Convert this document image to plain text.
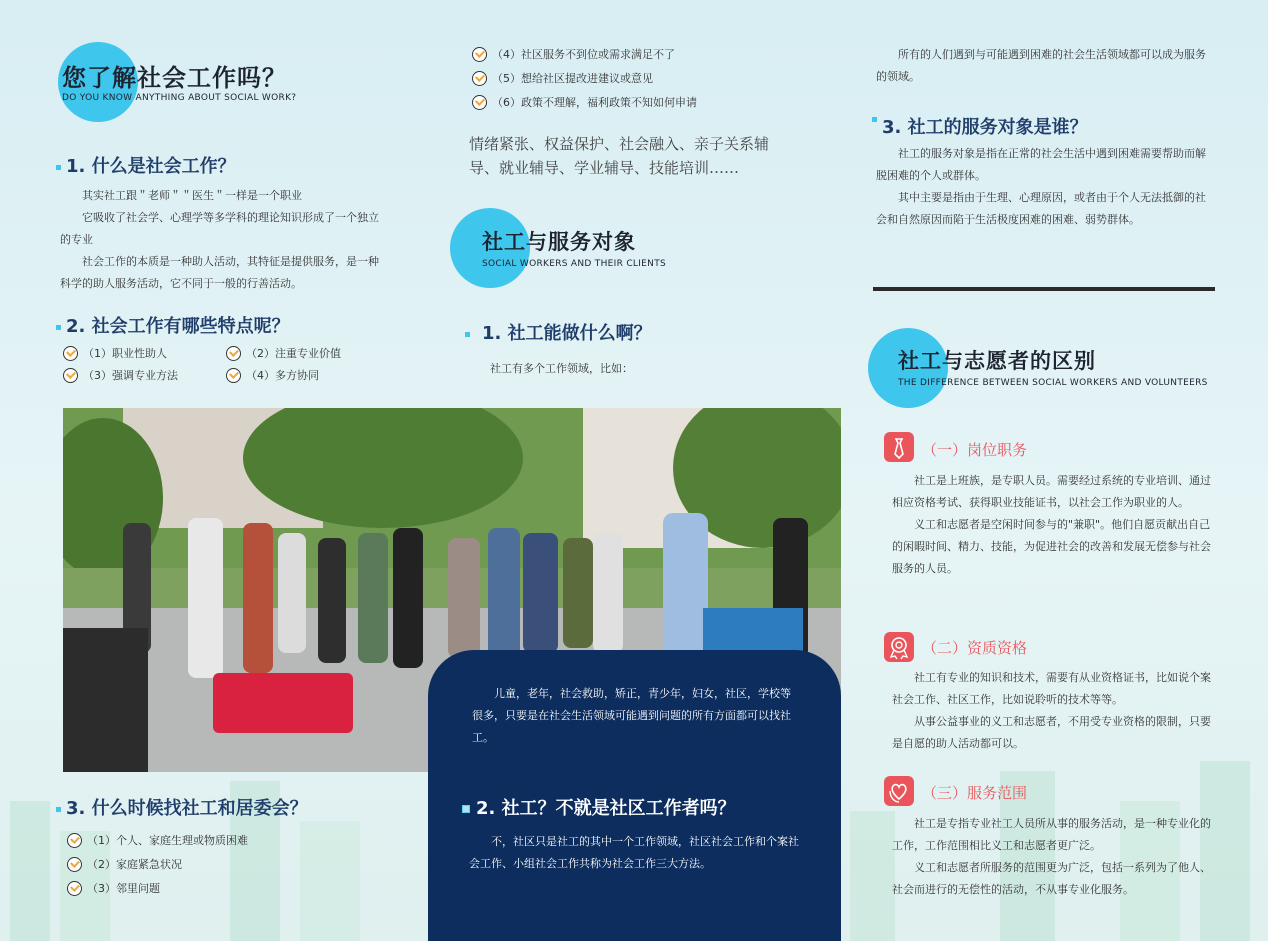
您了解社会工作吗？
DO YOU KNOW ANYTHING ABOUT SOCIAL WORK?
1. 什么是社会工作？

其实社工跟＂老师＂＂医生＂一样是一个职业

它吸收了社会学、心理学等多学科的理论知识形成了一个独立的专业

社会工作的本质是一种助人活动，其特征是提供服务，是一种科学的助人服务活动，它不同于一般的行善活动。

2. 社会工作有哪些特点呢？
（1）职业性助人	（2）注重专业价值
（3）强调专业方法	（4）多方协同
3. 什么时候找社工和居委会？
（1）个人、家庭生理或物质困难
（2）家庭紧急状况
（3）邻里问题
（4）社区服务不到位或需求满足不了
（5）想给社区提改进建议或意见
（6）政策不理解，福利政策不知如何申请
情绪紧张、权益保护、社会融入、亲子关系辅导、就业辅导、学业辅导、技能培训……
社工与服务对象
SOCIAL WORKERS AND THEIR CLIENTS
1. 社工能做什么啊？
社工有多个工作领域，比如：
儿童，老年，社会救助，矫正，青少年，妇女，社区，学校等很多，只要是在社会生活领域可能遇到问题的所有方面都可以找社工。
2. 社工？不就是社区工作者吗？
不，社区只是社工的其中一个工作领域，社区社会工作和个案社会工作、小组社会工作共称为社会工作三大方法。
所有的人们遇到与可能遇到困难的社会生活领域都可以成为服务的领域。
3. 社工的服务对象是谁？

社工的服务对象是指在正常的社会生活中遇到困难需要帮助而解脱困难的个人或群体。

其中主要是指由于生理、心理原因，或者由于个人无法抵御的社会和自然原因而陷于生活极度困难的困难、弱势群体。

社工与志愿者的区别
THE DIFFERENCE BETWEEN SOCIAL WORKERS AND VOLUNTEERS
（一）岗位职务

社工是上班族，是专职人员。需要经过系统的专业培训、通过相应资格考试、获得职业技能证书，以社会工作为职业的人。

义工和志愿者是空闲时间参与的"兼职"。他们自愿贡献出自己的闲暇时间、精力、技能，为促进社会的改善和发展无偿参与社会服务的人员。

（二）资质资格

社工有专业的知识和技术，需要有从业资格证书，比如说个案社会工作、社区工作，比如说聆听的技术等等。

从事公益事业的义工和志愿者，不用受专业资格的限制，只要是自愿的助人活动都可以。

（三）服务范围

社工是专指专业社工人员所从事的服务活动，是一种专业化的工作，工作范围相比义工和志愿者更广泛。

义工和志愿者所服务的范围更为广泛，包括一系列为了他人、社会而进行的无偿性的活动，不从事专业化服务。
